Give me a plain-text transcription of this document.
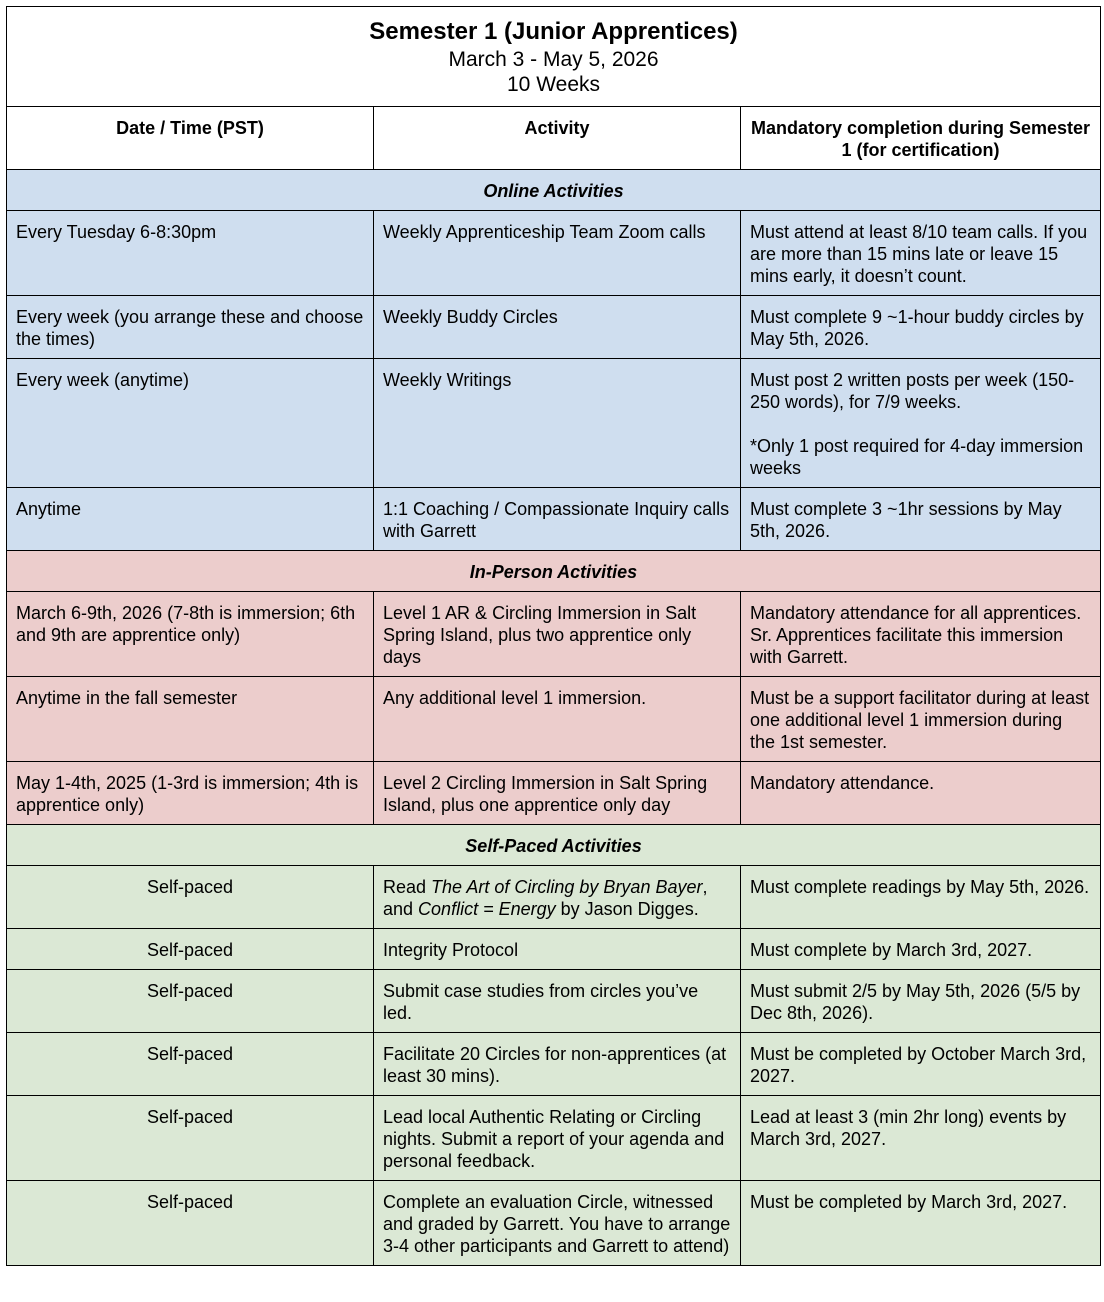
Semester 1 (Junior Apprentices)
March 3 - May 5, 2026
10 Weeks		

Date / Time (PST)	Activity	Mandatory completion during Semester 1 (for certification)
Online Activities		
Every Tuesday 6-8:30pm	Weekly Apprenticeship Team Zoom calls	Must attend at least 8/10 team calls. If you are more than 15 mins late or leave 15 mins early, it doesn’t count.
Every week (you arrange these and choose the times)	Weekly Buddy Circles	Must complete 9 ~1-hour buddy circles by May 5th, 2026.
Every week (anytime)	Weekly Writings	Must post 2 written posts per week (150-250 words), for 7/9 weeks.
*Only 1 post required for 4-day immersion weeks
Anytime	1:1 Coaching / Compassionate Inquiry calls with Garrett	Must complete 3 ~1hr sessions by May 5th, 2026.
In-Person Activities		
March 6-9th, 2026 (7-8th is immersion; 6th and 9th are apprentice only)	Level 1 AR & Circling Immersion in Salt Spring Island, plus two apprentice only days	Mandatory attendance for all apprentices. Sr. Apprentices facilitate this immersion with Garrett.
Anytime in the fall semester	Any additional level 1 immersion.	Must be a support facilitator during at least one additional level 1 immersion during the 1st semester.
May 1-4th, 2025 (1-3rd is immersion; 4th is apprentice only)	Level 2 Circling Immersion in Salt Spring Island, plus one apprentice only day	Mandatory attendance.
Self-Paced Activities		
Self-paced	Read The Art of Circling by Bryan Bayer, and Conflict = Energy by Jason Digges.	Must complete readings by May 5th, 2026.
Self-paced	Integrity Protocol	Must complete by March 3rd, 2027.
Self-paced	Submit case studies from circles you’ve led.	Must submit 2/5 by May 5th, 2026 (5/5 by Dec 8th, 2026).
Self-paced	Facilitate 20 Circles for non-apprentices (at least 30 mins).	Must be completed by October March 3rd, 2027.
Self-paced	Lead local Authentic Relating or Circling nights. Submit a report of your agenda and personal feedback.	Lead at least 3 (min 2hr long) events by March 3rd, 2027.
Self-paced	Complete an evaluation Circle, witnessed and graded by Garrett. You have to arrange 3-4 other participants and Garrett to attend)	Must be completed by March 3rd, 2027.
